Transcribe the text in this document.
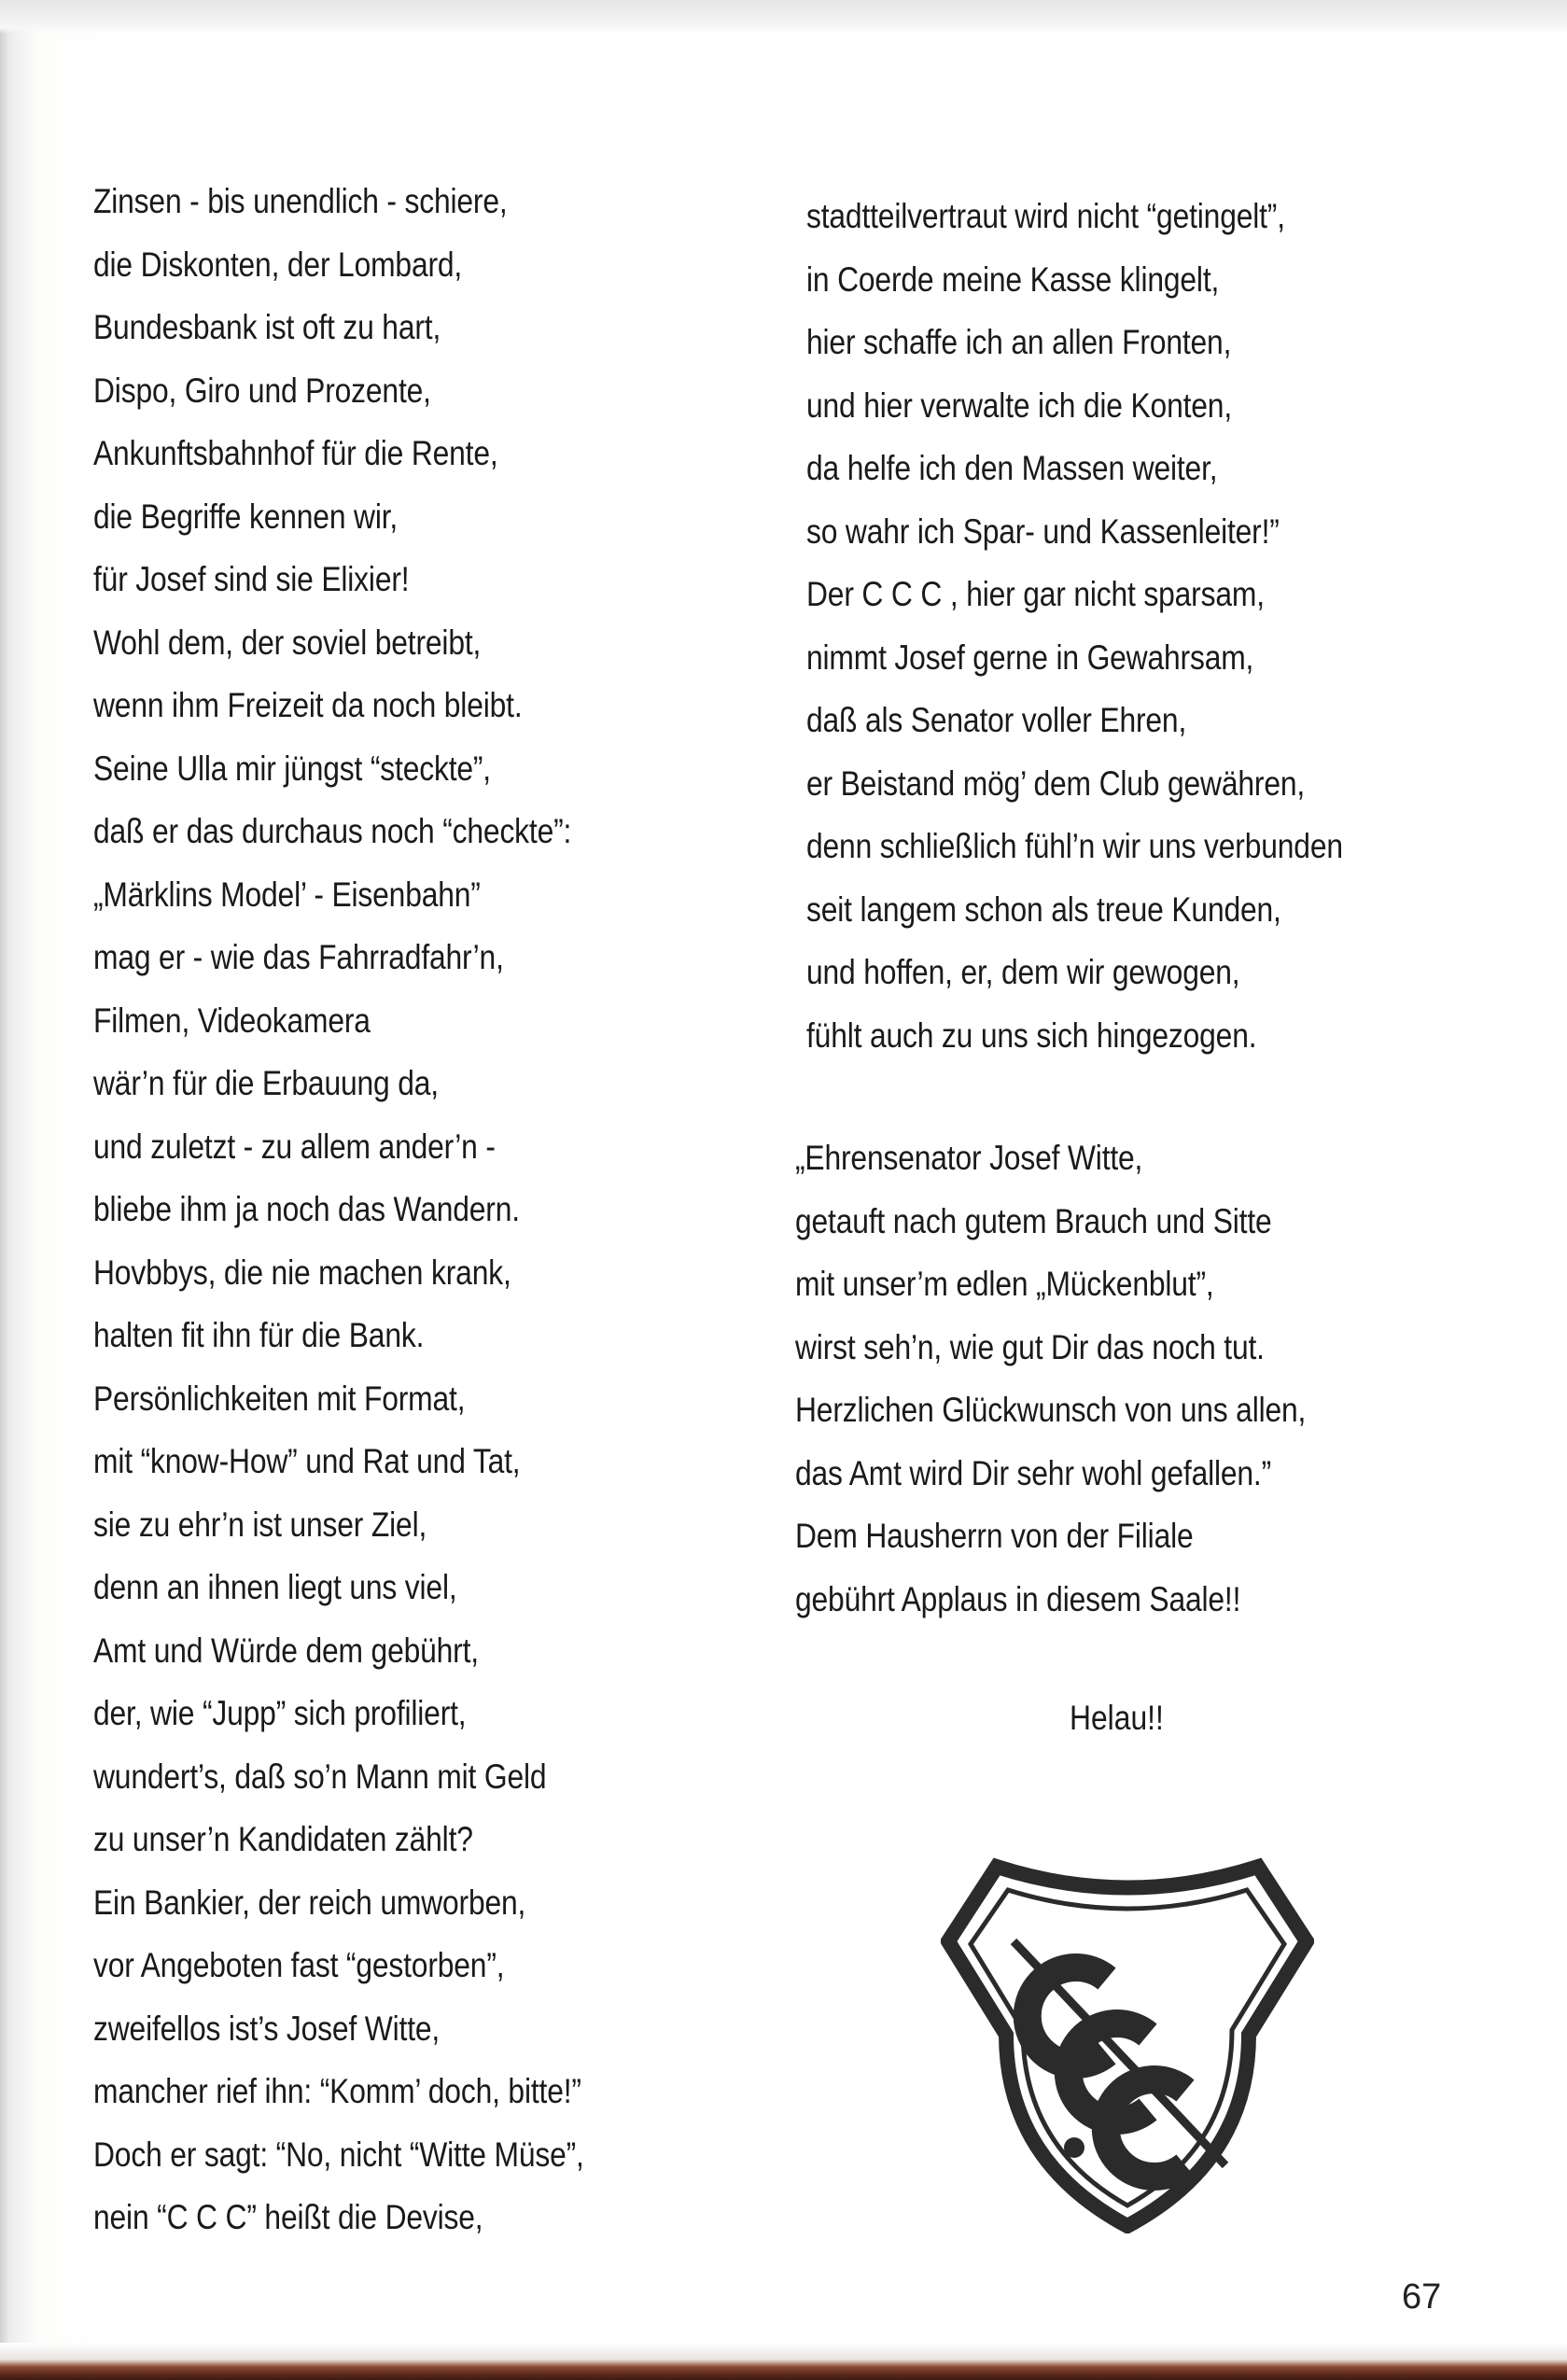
Zinsen - bis unendlich - schiere,
die Diskonten, der Lombard,
Bundesbank ist oft zu hart,
Dispo, Giro und Prozente,
Ankunftsbahnhof für die Rente,
die Begriffe kennen wir,
für Josef sind sie Elixier!
Wohl dem, der soviel betreibt,
wenn ihm Freizeit da noch bleibt.
Seine Ulla mir jüngst “steckte”,
daß er das durchaus noch “checkte”:
„Märklins Model’ - Eisenbahn”
mag er - wie das Fahrradfahr’n,
Filmen, Videokamera
wär’n für die Erbauung da,
und zuletzt - zu allem ander’n -
bliebe ihm ja noch das Wandern.
Hovbbys, die nie machen krank,
halten fit ihn für die Bank.
Persönlichkeiten mit Format,
mit “know-How” und Rat und Tat,
sie zu ehr’n ist unser Ziel,
denn an ihnen liegt uns viel,
Amt und Würde dem gebührt,
der, wie “Jupp” sich profiliert,
wundert’s, daß so’n Mann mit Geld
zu unser’n Kandidaten zählt?
Ein Bankier, der reich umworben,
vor Angeboten fast “gestorben”,
zweifellos ist’s Josef Witte,
mancher rief ihn: “Komm’ doch, bitte!”
Doch er sagt: “No, nicht “Witte Müse”,
nein “C C C” heißt die Devise,
stadtteilvertraut wird nicht “getingelt”,
in Coerde meine Kasse klingelt,
hier schaffe ich an allen Fronten,
und hier verwalte ich die Konten,
da helfe ich den Massen weiter,
so wahr ich Spar- und Kassenleiter!”
Der C C C , hier gar nicht sparsam,
nimmt Josef gerne in Gewahrsam,
daß als Senator voller Ehren,
er Beistand mög’ dem Club gewähren,
denn schließlich fühl’n wir uns verbunden
seit langem schon als treue Kunden,
und hoffen, er, dem wir gewogen,
fühlt auch zu uns sich hingezogen.
„Ehrensenator Josef Witte,
getauft nach gutem Brauch und Sitte
mit unser’m edlen „Mückenblut”,
wirst seh’n, wie gut Dir das noch tut.
Herzlichen Glückwunsch von uns allen,
das Amt wird Dir sehr wohl gefallen.”
Dem Hausherrn von der Filiale
gebührt Applaus in diesem Saale!!
Helau!!
67
